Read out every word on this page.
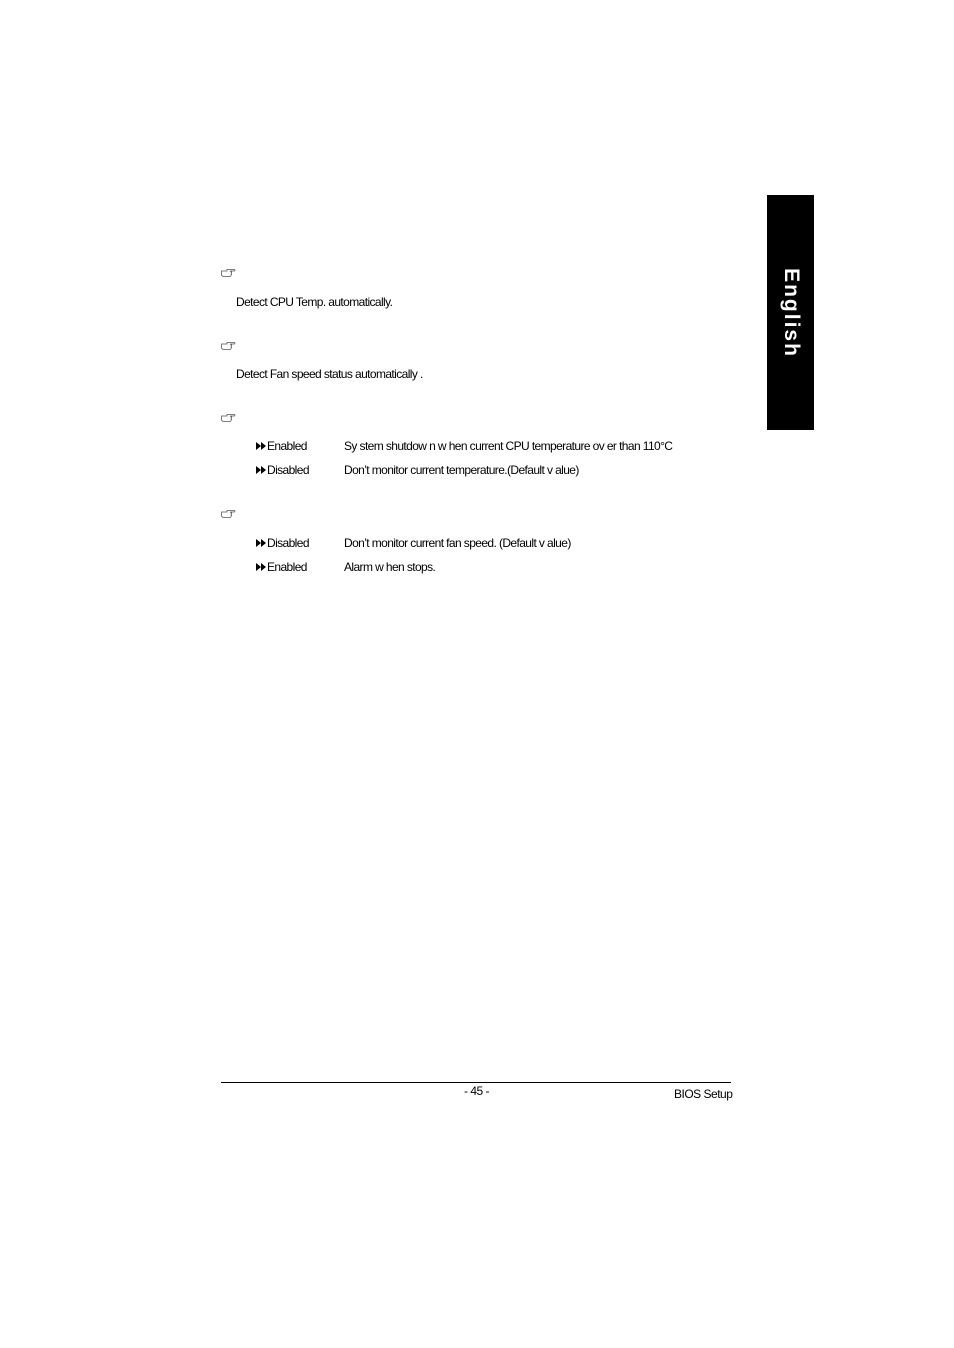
English
Detect CPU Temp. automatically.
Detect Fan speed status automatically .
Enabled	Sy stem shutdow n w hen current CPU temperature ov er than 110°C
Disabled	Don’t monitor current temperature.(Default v alue)
Disabled	Don’t monitor current fan speed. (Default v alue)
Enabled	Alarm w hen stops.
- 45 -	BIOS Setup
